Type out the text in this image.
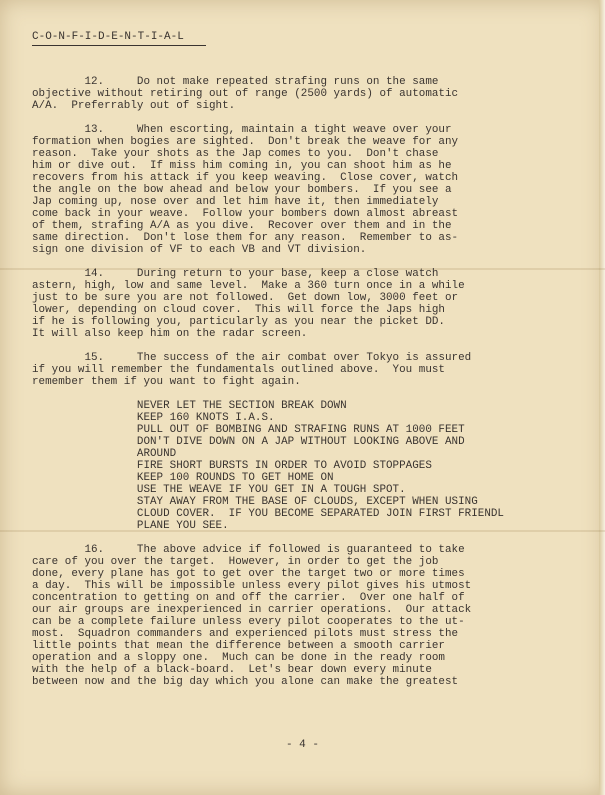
C-O-N-F-I-D-E-N-T-I-A-L
12.     Do not make repeated strafing runs on the same
objective without retiring out of range (2500 yards) of automatic
A/A.  Preferrably out of sight.
13.     When escorting, maintain a tight weave over your
formation when bogies are sighted.  Don't break the weave for any
reason.  Take your shots as the Jap comes to you.  Don't chase
him or dive out.  If miss him coming in, you can shoot him as he
recovers from his attack if you keep weaving.  Close cover, watch
the angle on the bow ahead and below your bombers.  If you see a
Jap coming up, nose over and let him have it, then immediately
come back in your weave.  Follow your bombers down almost abreast
of them, strafing A/A as you dive.  Recover over them and in the
same direction.  Don't lose them for any reason.  Remember to as-
sign one division of VF to each VB and VT division.
14.     During return to your base, keep a close watch
astern, high, low and same level.  Make a 360 turn once in a while
just to be sure you are not followed.  Get down low, 3000 feet or
lower, depending on cloud cover.  This will force the Japs high
if he is following you, particularly as you near the picket DD.
It will also keep him on the radar screen.
15.     The success of the air combat over Tokyo is assured
if you will remember the fundamentals outlined above.  You must
remember them if you want to fight again.
NEVER LET THE SECTION BREAK DOWN
KEEP 160 KNOTS I.A.S.
PULL OUT OF BOMBING AND STRAFING RUNS AT 1000 FEET
DON'T DIVE DOWN ON A JAP WITHOUT LOOKING ABOVE AND
AROUND
FIRE SHORT BURSTS IN ORDER TO AVOID STOPPAGES
KEEP 100 ROUNDS TO GET HOME ON
USE THE WEAVE IF YOU GET IN A TOUGH SPOT.
STAY AWAY FROM THE BASE OF CLOUDS, EXCEPT WHEN USING
CLOUD COVER.  IF YOU BECOME SEPARATED JOIN FIRST FRIENDL
PLANE YOU SEE.
16.     The above advice if followed is guaranteed to take
care of you over the target.  However, in order to get the job
done, every plane has got to get over the target two or more times
a day.  This will be impossible unless every pilot gives his utmost
concentration to getting on and off the carrier.  Over one half of
our air groups are inexperienced in carrier operations.  Our attack
can be a complete failure unless every pilot cooperates to the ut-
most.  Squadron commanders and experienced pilots must stress the
little points that mean the difference between a smooth carrier
operation and a sloppy one.  Much can be done in the ready room
with the help of a black-board.  Let's bear down every minute
between now and the big day which you alone can make the greatest
- 4 -
